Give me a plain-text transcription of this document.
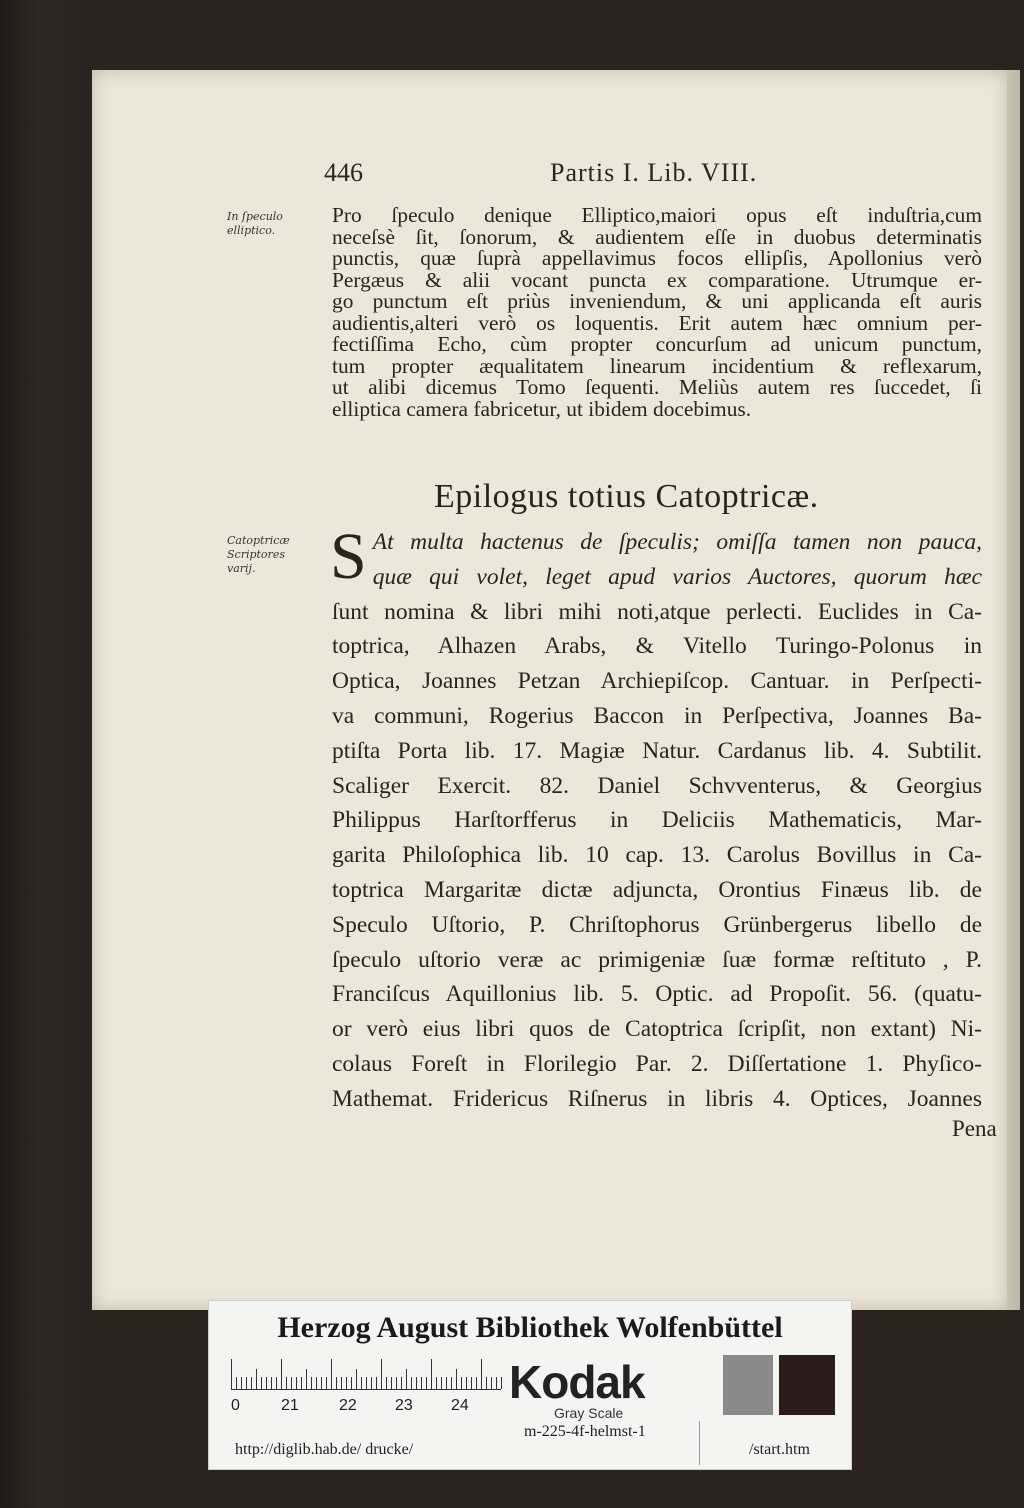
446	Partis I. Lib. VIII.
In ſpeculo
elliptico.
Pro ſpeculo denique Elliptico,maiori opus eſt induſtria,cum
neceſsè ſit, ſonorum, & audientem eſſe in duobus determinatis
punctis, quæ ſuprà appellavimus focos ellipſis, Apollonius verò
Pergæus & alii vocant puncta ex comparatione. Utrumque er-
go punctum eſt priùs inveniendum, & uni applicanda eſt auris
audientis,alteri verò os loquentis. Erit autem hæc omnium per-
fectiſſima Echo, cùm propter concurſum ad unicum punctum,
tum propter æqualitatem linearum incidentium & reflexarum,
ut alibi dicemus Tomo ſequenti. Meliùs autem res ſuccedet, ſi
elliptica camera fabricetur, ut ibidem docebimus.
Epilogus totius Catoptricæ.
Catoptricæ
Scriptores
varij.	S At multa hactenus de ſpeculis; omiſſa tamen non pauca,
quæ qui volet, leget apud varios Auctores, quorum hæc
ſunt nomina & libri mihi noti,atque perlecti. Euclides in Ca-
toptrica, Alhazen Arabs, & Vitello Turingo-Polonus in
Optica, Joannes Petzan Archiepiſcop. Cantuar. in Perſpecti-
va communi, Rogerius Baccon in Perſpectiva, Joannes Ba-
ptiſta Porta lib. 17. Magiæ Natur. Cardanus lib. 4. Subtilit.
Scaliger Exercit. 82. Daniel Schvventerus, & Georgius
Philippus Harſtorfferus in Deliciis Mathematicis, Mar-
garita Philoſophica lib. 10 cap. 13. Carolus Bovillus in Ca-
toptrica Margaritæ dictæ adjuncta, Orontius Finæus lib. de
Speculo Uſtorio, P. Chriſtophorus Grünbergerus libello de
ſpeculo uſtorio veræ ac primigeniæ ſuæ formæ reſtituto , P.
Franciſcus Aquillonius lib. 5. Optic. ad Propoſit. 56. (quatu-
or verò eius libri quos de Catoptrica ſcripſit, non extant) Ni-
colaus Foreſt in Florilegio Par. 2. Diſſertatione 1. Phyſico-
Mathemat. Fridericus Riſnerus in libris 4. Optices, Joannes
Pena
Herzog August Bibliothek Wolfenbüttel
0	21	22 23 24 Kodak
Gray Scale
m-225-4f-helmst-1
http://diglib.hab.de/ drucke/	/start.htm
